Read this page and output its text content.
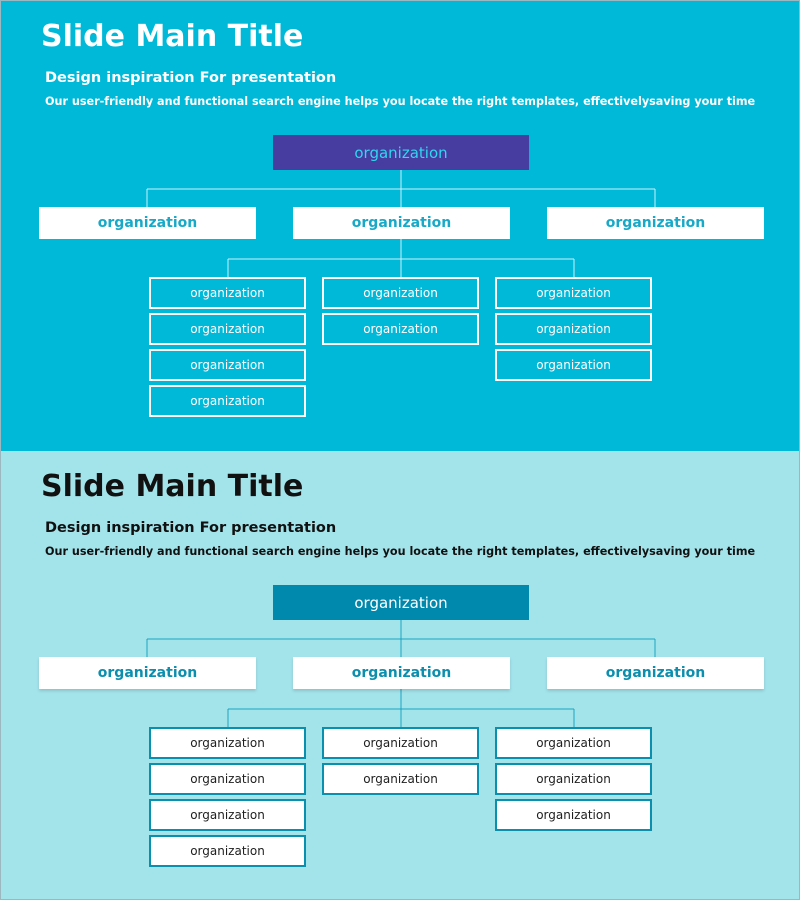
Slide Main Title
Design inspiration For presentation

Our user-friendly and functional search engine helps you locate the right templates, effectivelysaving your time

organization
organization	organization	organization
organization
organization
organization
organization
organization
organization
organization
organization
organization
Slide Main Title
Design inspiration For presentation

Our user-friendly and functional search engine helps you locate the right templates, effectivelysaving your time

organization
organization	organization	organization
organization
organization
organization
organization
organization
organization
organization
organization
organization
